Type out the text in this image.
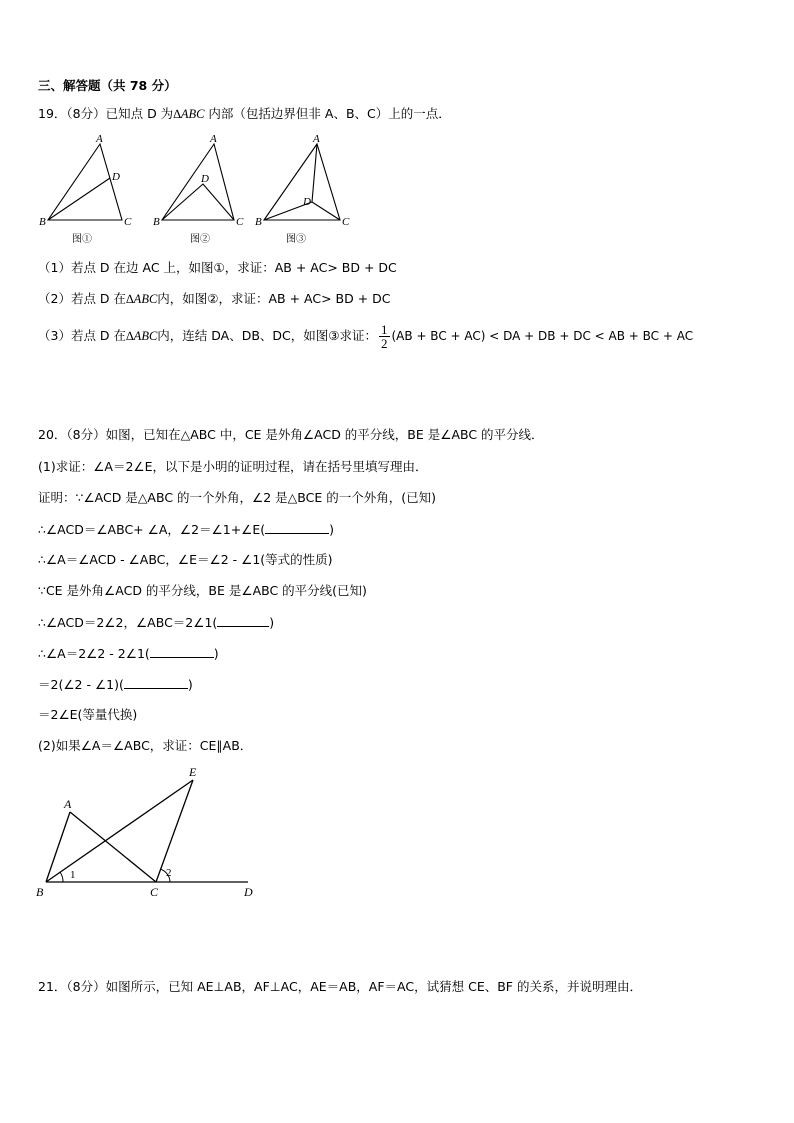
三、解答题（共 78 分）
19．（8分）已知点 D 为∆ABC 内部（包括边界但非 A、B、C）上的一点．
A
D
B	C
A
D
B	C
A
D
B	C
图①	图②	图③
（1）若点 D 在边 AC 上，如图①，求证：AB + AC> BD + DC
（2）若点 D 在∆ABC内，如图②，求证：AB + AC> BD + DC
（3）若点 D 在∆ABC内，连结 DA、DB、DC，如图③求证： $\frac{1}{2} (AB$ + BC + AC) < DA + DB + DC < AB + BC + AC
20．（8分）如图，已知在△ABC 中，CE 是外角∠ACD 的平分线，BE 是∠ABC 的平分线．
(1)求证：∠A＝2∠E，以下是小明的证明过程，请在括号里填写理由．
证明：∵∠ACD 是△ABC 的一个外角，∠2 是△BCE 的一个外角，(已知)
∴∠ACD＝∠ABC+ ∠A，∠2＝∠1+∠E(	)
∴∠A＝∠ACD - ∠ABC，∠E＝∠2 - ∠1(等式的性质)
∵CE 是外角∠ACD 的平分线，BE 是∠ABC 的平分线(已知)
∴∠ACD＝2∠2，∠ABC＝2∠1(	)
∴∠A＝2∠2 - 2∠1(	)
＝2(∠2 - ∠1)(	)
＝2∠E(等量代换)
(2)如果∠A＝∠ABC，求证：CE∥AB．
E
A
B	C	D
1	2
21．（8分）如图所示，已知 AE⊥AB，AF⊥AC，AE＝AB，AF＝AC，试猜想 CE、BF 的关系，并说明理由．
